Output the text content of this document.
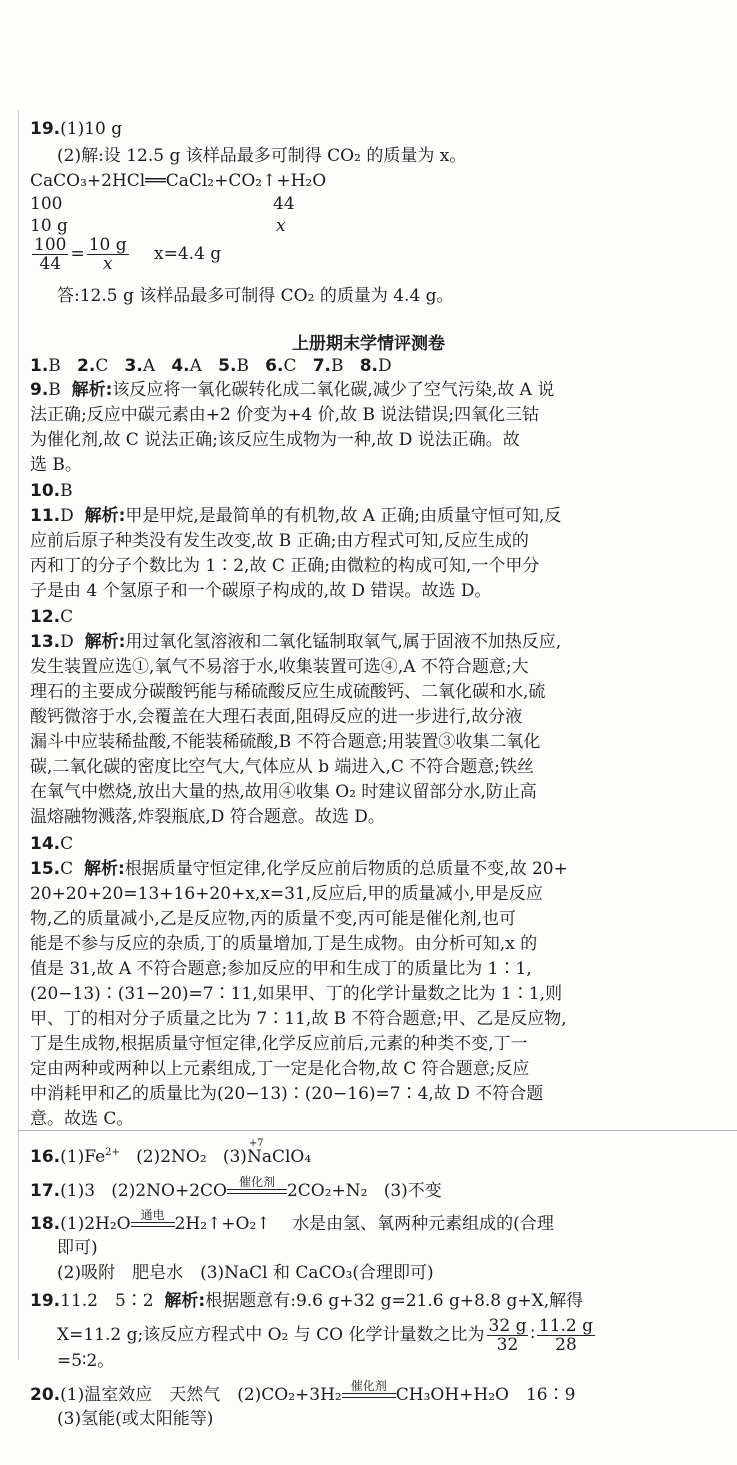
19.(1)10 g
(2)解:设 12.5 g 该样品最多可制得 CO₂ 的质量为 x。
CaCO₃+2HCl══CaCl₂+CO₂↑+H₂O
100	44
10 g	x
$\frac{100}{44} = \frac{10 g}{x} x=4.4$ g
答:12.5 g 该样品最多可制得 CO₂ 的质量为 4.4 g。
上册期末学情评测卷
1.B 2.C 3.A 4.A 5.B 6.C 7.B 8.D
9.B 解析:该反应将一氧化碳转化成二氧化碳,减少了空气污染,故 A 说
法正确;反应中碳元素由+2 价变为+4 价,故 B 说法错误;四氧化三钴
为催化剂,故 C 说法正确;该反应生成物为一种,故 D 说法正确。故
选 B。
10.B
11.D 解析:甲是甲烷,是最简单的有机物,故 A 正确;由质量守恒可知,反
应前后原子种类没有发生改变,故 B 正确;由方程式可知,反应生成的
丙和丁的分子个数比为 1∶2,故 C 正确;由微粒的构成可知,一个甲分
子是由 4 个氢原子和一个碳原子构成的,故 D 错误。故选 D。
12.C
13.D 解析:用过氧化氢溶液和二氧化锰制取氧气,属于固液不加热反应,
发生装置应选①,氧气不易溶于水,收集装置可选④,A 不符合题意;大
理石的主要成分碳酸钙能与稀硫酸反应生成硫酸钙、二氧化碳和水,硫
酸钙微溶于水,会覆盖在大理石表面,阻碍反应的进一步进行,故分液
漏斗中应装稀盐酸,不能装稀硫酸,B 不符合题意;用装置③收集二氧化
碳,二氧化碳的密度比空气大,气体应从 b 端进入,C 不符合题意;铁丝
在氧气中燃烧,放出大量的热,故用④收集 O₂ 时建议留部分水,防止高
温熔融物溅落,炸裂瓶底,D 符合题意。故选 D。
14.C
15.C 解析:根据质量守恒定律,化学反应前后物质的总质量不变,故 20+
20+20+20=13+16+20+x,x=31,反应后,甲的质量减小,甲是反应
物,乙的质量减小,乙是反应物,丙的质量不变,丙可能是催化剂,也可
能是不参与反应的杂质,丁的质量增加,丁是生成物。由分析可知,x 的
值是 31,故 A 不符合题意;参加反应的甲和生成丁的质量比为 1∶1,
(20−13)∶(31−20)=7∶11,如果甲、丁的化学计量数之比为 1∶1,则
甲、丁的相对分子质量之比为 7∶11,故 B 不符合题意;甲、乙是反应物,
丁是生成物,根据质量守恒定律,化学反应前后,元素的种类不变,丁一
定由两种或两种以上元素组成,丁一定是化合物,故 C 符合题意;反应
中消耗甲和乙的质量比为(20−13)∶(20−16)=7∶4,故 D 不符合题
意。故选 C。
$16.(1)Fe^{2+}$ (2)2NO₂
+7
(3)NaClO₄
17.(1)3 (2)2NO+2CO 催化剂 2CO₂+N₂ (3)不变
18.(1)2H₂O 通电 2H₂↑+O₂↑ 水是由氢、氧两种元素组成的(合理
即可)
(2)吸附　肥皂水　(3)NaCl 和 CaCO₃(合理即可)
19.11.2　5∶2 解析:根据题意有:9.6 g+32 g=21.6 g+8.8 g+X,解得
X=11.2 g;该反应方程式中 O₂ 与 CO 化学计量数之比为 $\frac{32 g}{32}$ ∶ $\frac{11.2 g}{28}$
=5∶2。
20.(1)温室效应　天然气　(2)CO₂+3H₂ 催化剂 CH₃OH+H₂O　16∶9
(3)氢能(或太阳能等)
